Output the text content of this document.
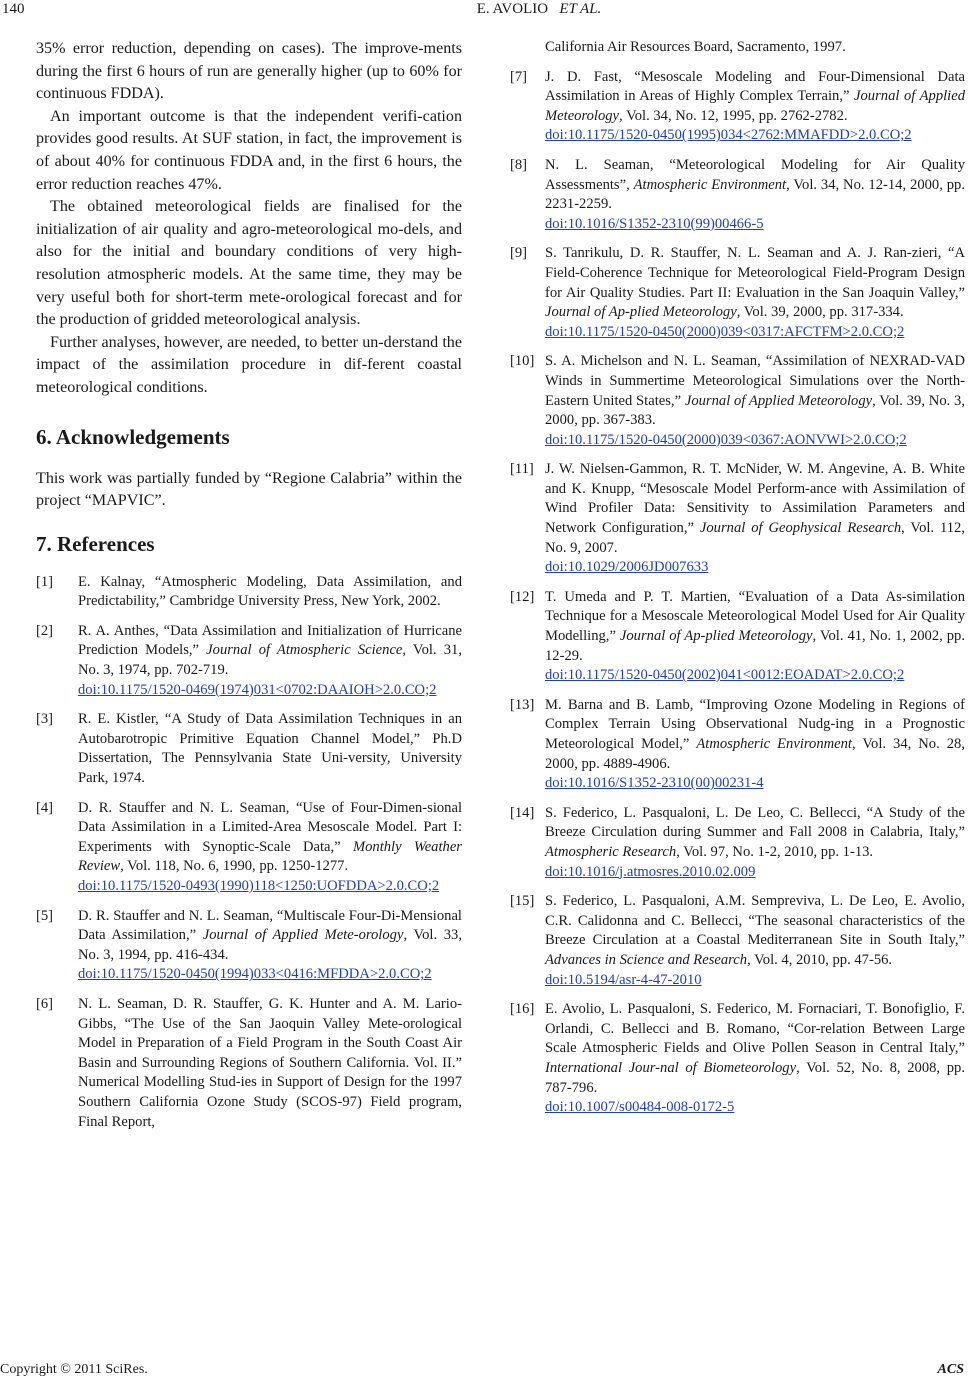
140	E. AVOLIO ET AL.

35% error reduction, depending on cases). The improve-ments during the first 6 hours of run are generally higher (up to 60% for continuous FDDA).

An important outcome is that the independent verifi-cation provides good results. At SUF station, in fact, the improvement is of about 40% for continuous FDDA and, in the first 6 hours, the error reduction reaches 47%.

The obtained meteorological fields are finalised for the initialization of air quality and agro-meteorological mo-dels, and also for the initial and boundary conditions of very high-resolution atmospheric models. At the same time, they may be very useful both for short-term mete-orological forecast and for the production of gridded meteorological analysis.

Further analyses, however, are needed, to better un-derstand the impact of the assimilation procedure in dif-ferent coastal meteorological conditions.

6. Acknowledgements

This work was partially funded by “Regione Calabria” within the project “MAPVIC”.

7. References
[1] E. Kalnay, “Atmospheric Modeling, Data Assimilation, and Predictability,” Cambridge University Press, New York, 2002.
[2] R. A. Anthes, “Data Assimilation and Initialization of Hurricane Prediction Models,” Journal of Atmospheric Science, Vol. 31, No. 3, 1974, pp. 702-719.
doi:10.1175/1520-0469(1974)031<0702:DAAIOH>2.0.CO;2
[3] R. E. Kistler, “A Study of Data Assimilation Techniques in an Autobarotropic Primitive Equation Channel Model,” Ph.D Dissertation, The Pennsylvania State Uni-versity, University Park, 1974.
[4] D. R. Stauffer and N. L. Seaman, “Use of Four-Dimen-sional Data Assimilation in a Limited-Area Mesoscale Model. Part I: Experiments with Synoptic-Scale Data,” Monthly Weather Review, Vol. 118, No. 6, 1990, pp. 1250-1277.
doi:10.1175/1520-0493(1990)118<1250:UOFDDA>2.0.CO;2
[5] D. R. Stauffer and N. L. Seaman, “Multiscale Four-Di-Mensional Data Assimilation,” Journal of Applied Mete-orology, Vol. 33, No. 3, 1994, pp. 416-434.
doi:10.1175/1520-0450(1994)033<0416:MFDDA>2.0.CO;2
[6] N. L. Seaman, D. R. Stauffer, G. K. Hunter and A. M. Lario-Gibbs, “The Use of the San Jaoquin Valley Mete-orological Model in Preparation of a Field Program in the South Coast Air Basin and Surrounding Regions of Southern California. Vol. II.” Numerical Modelling Stud-ies in Support of Design for the 1997 Southern California Ozone Study (SCOS-97) Field program, Final Report,
California Air Resources Board, Sacramento, 1997.
[7] J. D. Fast, “Mesoscale Modeling and Four-Dimensional Data Assimilation in Areas of Highly Complex Terrain,” Journal of Applied Meteorology, Vol. 34, No. 12, 1995, pp. 2762-2782.
doi:10.1175/1520-0450(1995)034<2762:MMAFDD>2.0.CO;2
[8] N. L. Seaman, “Meteorological Modeling for Air Quality Assessments”, Atmospheric Environment, Vol. 34, No. 12-14, 2000, pp. 2231-2259.
doi:10.1016/S1352-2310(99)00466-5
[9] S. Tanrikulu, D. R. Stauffer, N. L. Seaman and A. J. Ran-zieri, “A Field-Coherence Technique for Meteorological Field-Program Design for Air Quality Studies. Part II: Evaluation in the San Joaquin Valley,” Journal of Ap-plied Meteorology, Vol. 39, 2000, pp. 317-334.
doi:10.1175/1520-0450(2000)039<0317:AFCTFM>2.0.CO;2
[10] S. A. Michelson and N. L. Seaman, “Assimilation of NEXRAD-VAD Winds in Summertime Meteorological Simulations over the North-Eastern United States,” Journal of Applied Meteorology, Vol. 39, No. 3, 2000, pp. 367-383.
doi:10.1175/1520-0450(2000)039<0367:AONVWI>2.0.CO;2
[11] J. W. Nielsen-Gammon, R. T. McNider, W. M. Angevine, A. B. White and K. Knupp, “Mesoscale Model Perform-ance with Assimilation of Wind Profiler Data: Sensitivity to Assimilation Parameters and Network Configuration,” Journal of Geophysical Research, Vol. 112, No. 9, 2007.
doi:10.1029/2006JD007633
[12] T. Umeda and P. T. Martien, “Evaluation of a Data As-similation Technique for a Mesoscale Meteorological Model Used for Air Quality Modelling,” Journal of Ap-plied Meteorology, Vol. 41, No. 1, 2002, pp. 12-29.
doi:10.1175/1520-0450(2002)041<0012:EOADAT>2.0.CO;2
[13] M. Barna and B. Lamb, “Improving Ozone Modeling in Regions of Complex Terrain Using Observational Nudg-ing in a Prognostic Meteorological Model,” Atmospheric Environment, Vol. 34, No. 28, 2000, pp. 4889-4906.
doi:10.1016/S1352-2310(00)00231-4
[14] S. Federico, L. Pasqualoni, L. De Leo, C. Bellecci, “A Study of the Breeze Circulation during Summer and Fall 2008 in Calabria, Italy,” Atmospheric Research, Vol. 97, No. 1-2, 2010, pp. 1-13.
doi:10.1016/j.atmosres.2010.02.009
[15] S. Federico, L. Pasqualoni, A.M. Sempreviva, L. De Leo, E. Avolio, C.R. Calidonna and C. Bellecci, “The seasonal characteristics of the Breeze Circulation at a Coastal Mediterranean Site in South Italy,” Advances in Science and Research, Vol. 4, 2010, pp. 47-56.
doi:10.5194/asr-4-47-2010
[16] E. Avolio, L. Pasqualoni, S. Federico, M. Fornaciari, T. Bonofiglio, F. Orlandi, C. Bellecci and B. Romano, “Cor-relation Between Large Scale Atmospheric Fields and Olive Pollen Season in Central Italy,” International Jour-nal of Biometeorology, Vol. 52, No. 8, 2008, pp. 787-796.
doi:10.1007/s00484-008-0172-5
Copyright © 2011 SciRes.	ACS
